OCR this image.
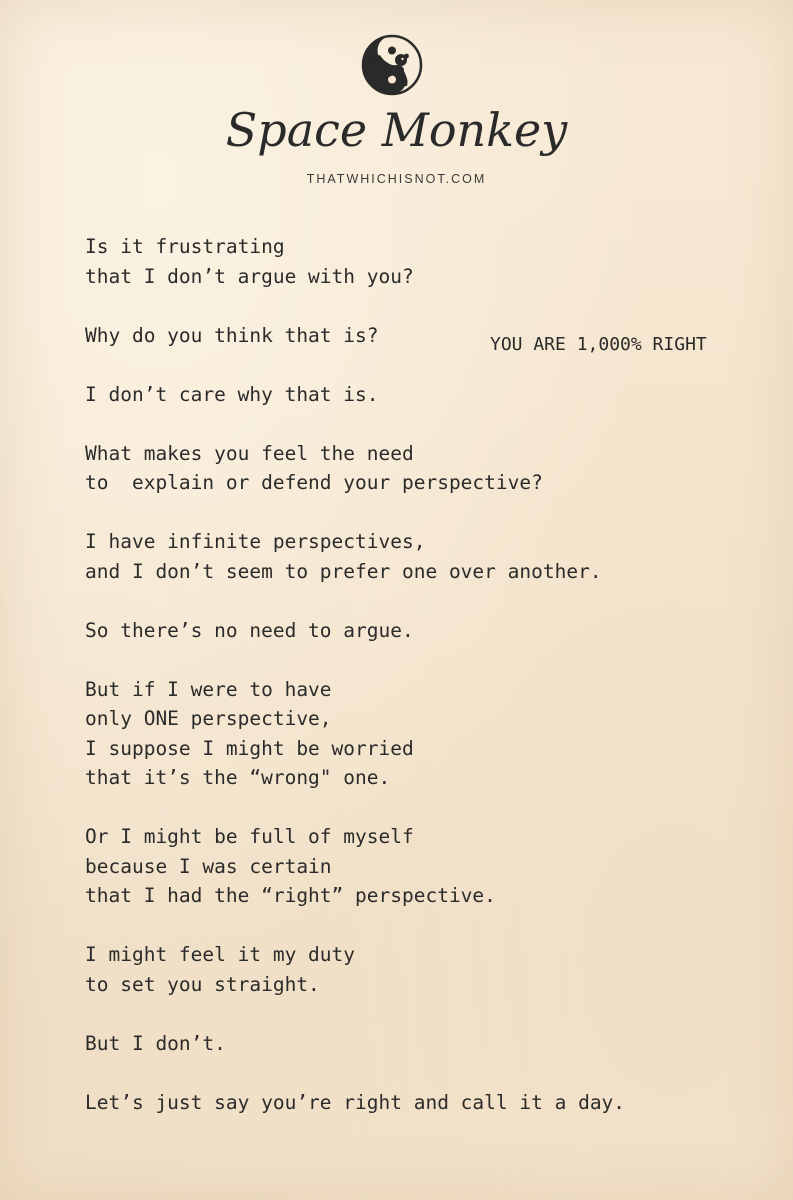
Space Monkey
THATWHICHISNOT.COM
Is it frustrating
that I don’t argue with you?
Why do you think that is?
I don’t care why that is.
What makes you feel the need
to  explain or defend your perspective?
I have infinite perspectives,
and I don’t seem to prefer one over another.
So there’s no need to argue.
But if I were to have
only ONE perspective,
I suppose I might be worried
that it’s the “wrong" one.
Or I might be full of myself
because I was certain
that I had the “right” perspective.
I might feel it my duty
to set you straight.
But I don’t.
Let’s just say you’re right and call it a day.
YOU ARE 1,000% RIGHT
